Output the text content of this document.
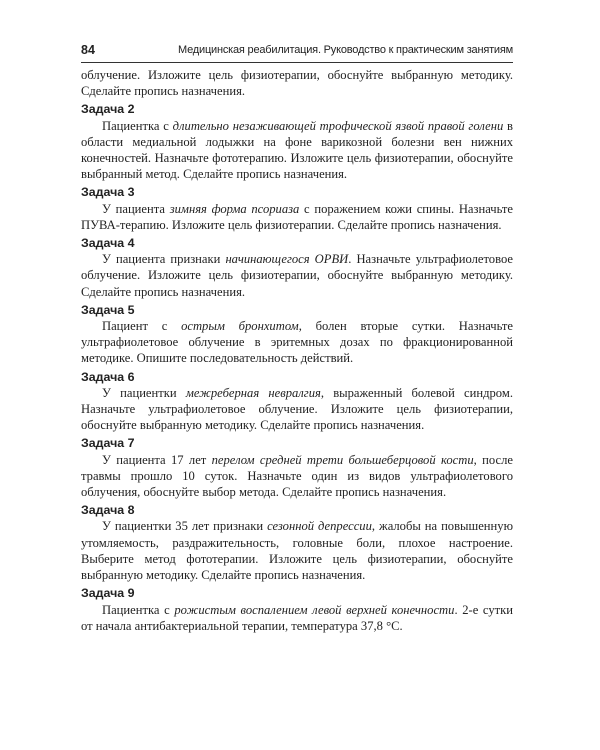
84	Медицинская реабилитация. Руководство к практическим занятиям

облучение. Изложите цель физиотерапии, обоснуйте выбранную методику. Сделайте пропись назначения.

Задача 2

Пациентка с длительно незаживающей трофической язвой правой голени в области медиальной лодыжки на фоне варикозной болезни вен нижних конечностей. Назначьте фототерапию. Изложите цель физиотерапии, обоснуйте выбранный метод. Сделайте пропись назначения.

Задача 3

У пациента зимняя форма псориаза с поражением кожи спины. Назначьте ПУВА-терапию. Изложите цель физиотерапии. Сделайте пропись назначения.

Задача 4

У пациента признаки начинающегося ОРВИ. Назначьте ультрафиолетовое облучение. Изложите цель физиотерапии, обоснуйте выбранную методику. Сделайте пропись назначения.

Задача 5

Пациент с острым бронхитом, болен вторые сутки. Назначьте ультрафиолетовое облучение в эритемных дозах по фракционированной методике. Опишите последовательность действий.

Задача 6

У пациентки межреберная невралгия, выраженный болевой синдром. Назначьте ультрафиолетовое облучение. Изложите цель физиотерапии, обоснуйте выбранную методику. Сделайте пропись назначения.

Задача 7

У пациента 17 лет перелом средней трети большеберцовой кости, после травмы прошло 10 суток. Назначьте один из видов ультрафиолетового облучения, обоснуйте выбор метода. Сделайте пропись назначения.

Задача 8

У пациентки 35 лет признаки сезонной депрессии, жалобы на повышенную утомляемость, раздражительность, головные боли, плохое настроение. Выберите метод фототерапии. Изложите цель физиотерапии, обоснуйте выбранную методику. Сделайте пропись назначения.

Задача 9

Пациентка с рожистым воспалением левой верхней конечности. 2-е сутки от начала антибактериальной терапии, температура 37,8 °С.
